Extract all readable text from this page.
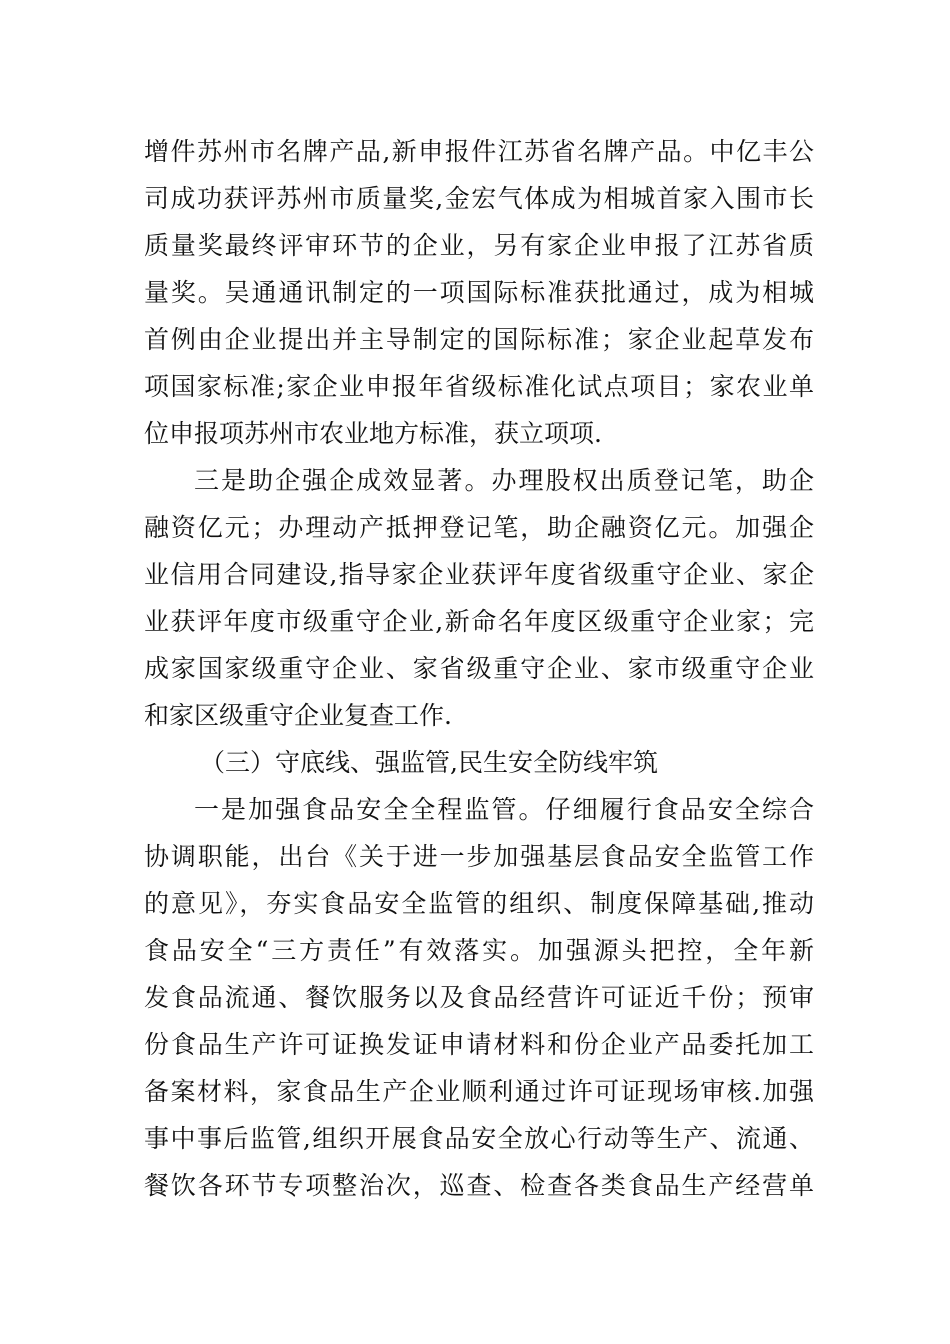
增件苏州市名牌产品,新申报件江苏省名牌产品。中亿丰公
司成功获评苏州市质量奖,金宏气体成为相城首家入围市长
质量奖最终评审环节的企业，另有家企业申报了江苏省质
量奖。吴通通讯制定的一项国际标准获批通过，成为相城
首例由企业提出并主导制定的国际标准；家企业起草发布
项国家标准;家企业申报年省级标准化试点项目；家农业单
位申报项苏州市农业地方标准，获立项项.
三是助企强企成效显著。办理股权出质登记笔，助企
融资亿元；办理动产抵押登记笔，助企融资亿元。加强企
业信用合同建设,指导家企业获评年度省级重守企业、家企
业获评年度市级重守企业,新命名年度区级重守企业家；完
成家国家级重守企业、家省级重守企业、家市级重守企业
和家区级重守企业复查工作.
（三）守底线、强监管,民生安全防线牢筑
一是加强食品安全全程监管。仔细履行食品安全综合
协调职能，出台《关于进一步加强基层食品安全监管工作
的意见》，夯实食品安全监管的组织、制度保障基础,推动
食品安全“三方责任”有效落实。加强源头把控，全年新
发食品流通、餐饮服务以及食品经营许可证近千份；预审
份食品生产许可证换发证申请材料和份企业产品委托加工
备案材料，家食品生产企业顺利通过许可证现场审核.加强
事中事后监管,组织开展食品安全放心行动等生产、流通、
餐饮各环节专项整治次，巡查、检查各类食品生产经营单
